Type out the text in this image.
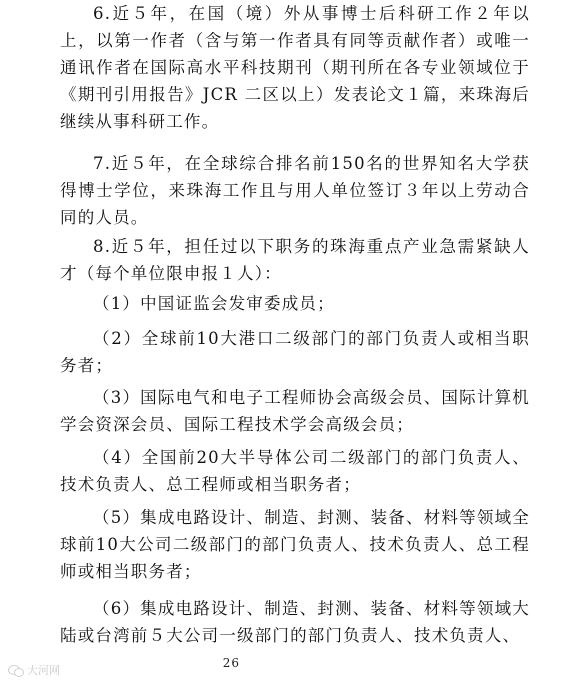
6.近５年，在国（境）外从事博士后科研工作２年以上，以第一作者（含与第一作者具有同等贡献作者）或唯一通讯作者在国际高水平科技期刊（期刊所在各专业领域位于《期刊引用报告》JCR 二区以上）发表论文１篇，来珠海后继续从事科研工作。

7.近５年，在全球综合排名前150名的世界知名大学获得博士学位，来珠海工作且与用人单位签订３年以上劳动合同的人员。

8.近５年，担任过以下职务的珠海重点产业急需紧缺人才（每个单位限申报１人）：

（1）中国证监会发审委成员；

（2）全球前10大港口二级部门的部门负责人或相当职务者；

（3）国际电气和电子工程师协会高级会员、国际计算机学会资深会员、国际工程技术学会高级会员；

（4）全国前20大半导体公司二级部门的部门负责人、技术负责人、总工程师或相当职务者；

（5）集成电路设计、制造、封测、装备、材料等领域全球前10大公司二级部门的部门负责人、技术负责人、总工程师或相当职务者；

（6）集成电路设计、制造、封测、装备、材料等领域大陆或台湾前５大公司一级部门的部门负责人、技术负责人、

26
大河网
